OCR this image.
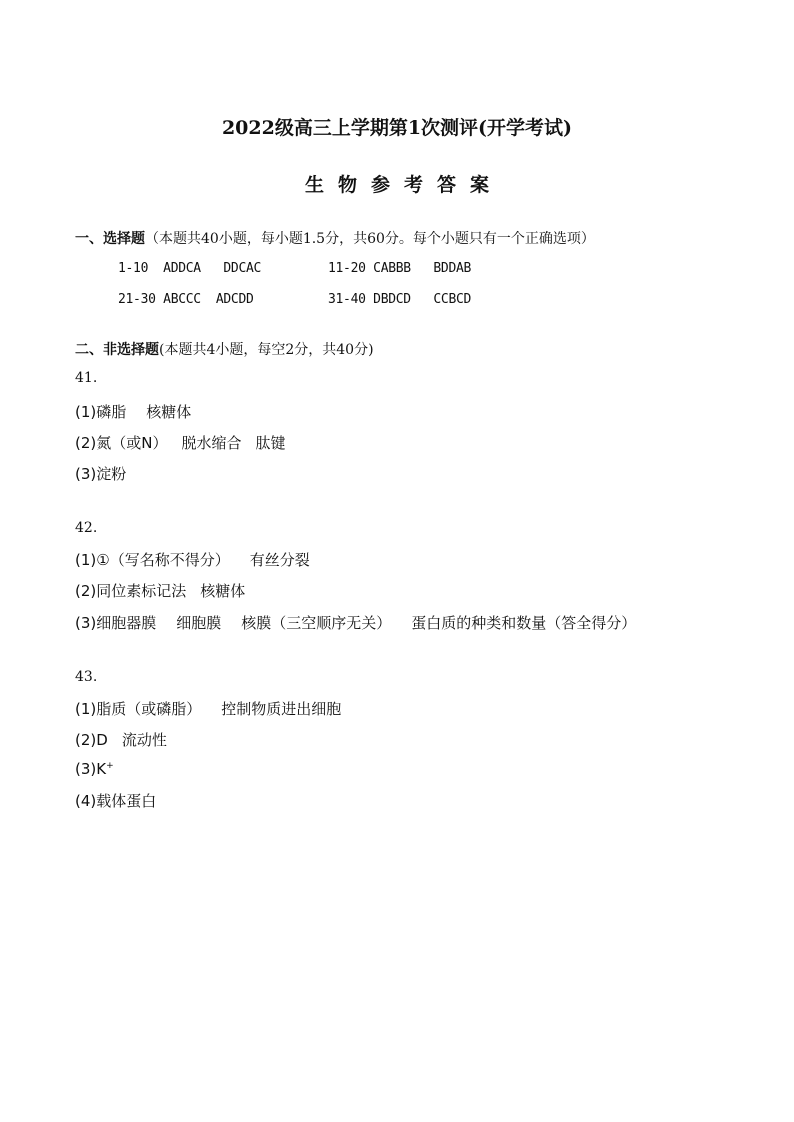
2022级高三上学期第1次测评(开学考试)
生物参考答案
一、选择题（本题共40小题，每小题1.5分，共60分。每个小题只有一个正确选项）
1-10 ADDCA DDCAC	11-20 CABBB BDDAB
21-30 ABCCC ADCDD	31-40 DBDCD CCBCD
二、非选择题(本题共4小题，每空2分，共40分)
41.
(1)磷脂 核糖体
(2)氮（或N） 脱水缩合 肽键
(3)淀粉
42.
(1)①（写名称不得分） 有丝分裂
(2)同位素标记法 核糖体
(3)细胞器膜 细胞膜 核膜（三空顺序无关） 蛋白质的种类和数量（答全得分）
43.
(1)脂质（或磷脂） 控制物质进出细胞
(2)D 流动性
(3)K+
(4)载体蛋白
